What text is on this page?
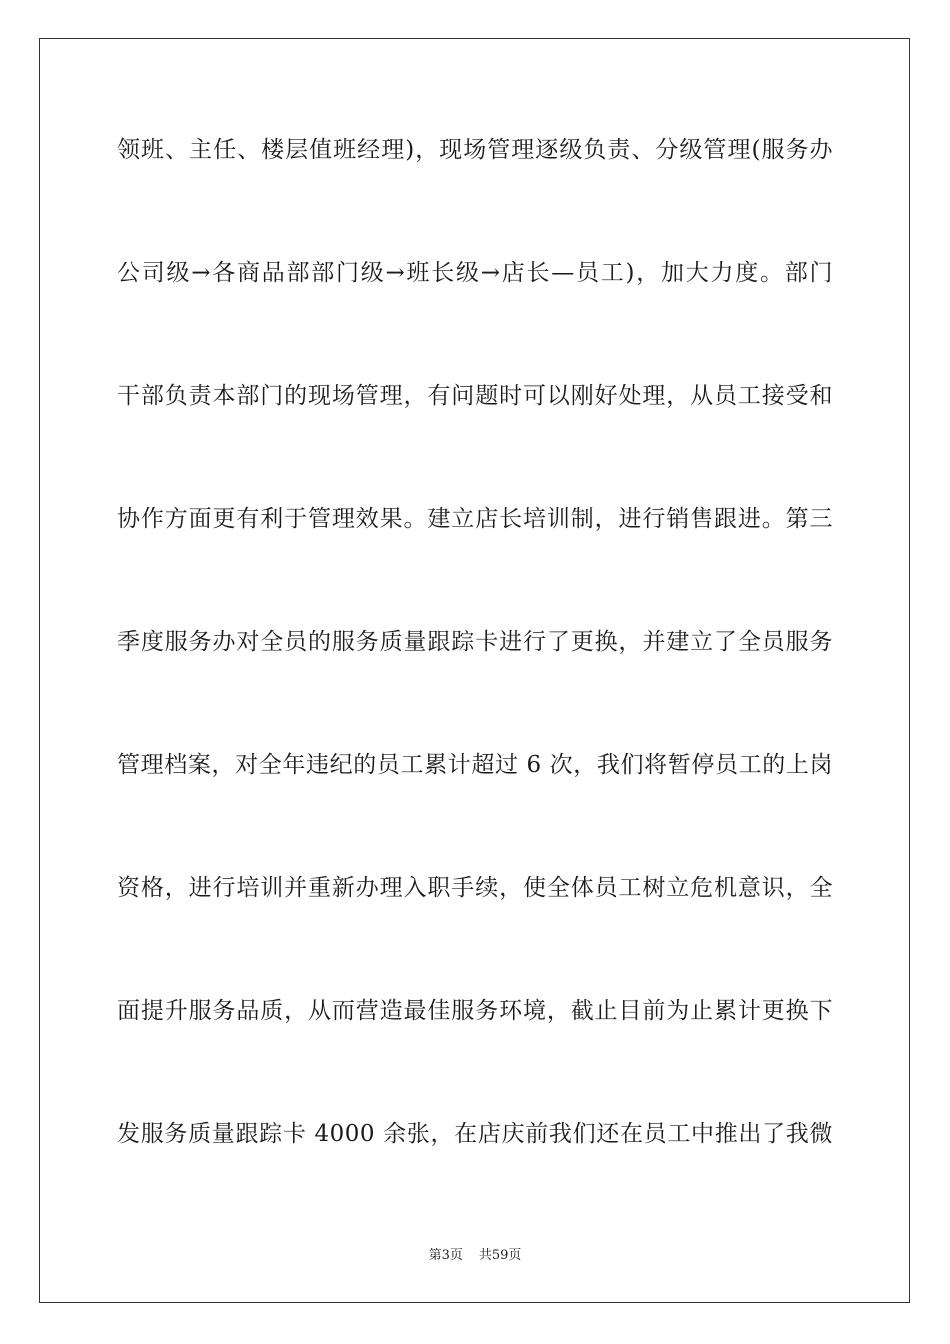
领班、主任、楼层值班经理)，现场管理逐级负责、分级管理(服务办
公司级→各商品部部门级→班长级→店长—员工)，加大力度。部门
干部负责本部门的现场管理，有问题时可以刚好处理，从员工接受和
协作方面更有利于管理效果。建立店长培训制，进行销售跟进。第三
季度服务办对全员的服务质量跟踪卡进行了更换，并建立了全员服务
管理档案，对全年违纪的员工累计超过 6 次，我们将暂停员工的上岗
资格，进行培训并重新办理入职手续，使全体员工树立危机意识，全
面提升服务品质，从而营造最佳服务环境，截止目前为止累计更换下
发服务质量跟踪卡 4000 余张，在店庆前我们还在员工中推出了我微
第3页 共59页
